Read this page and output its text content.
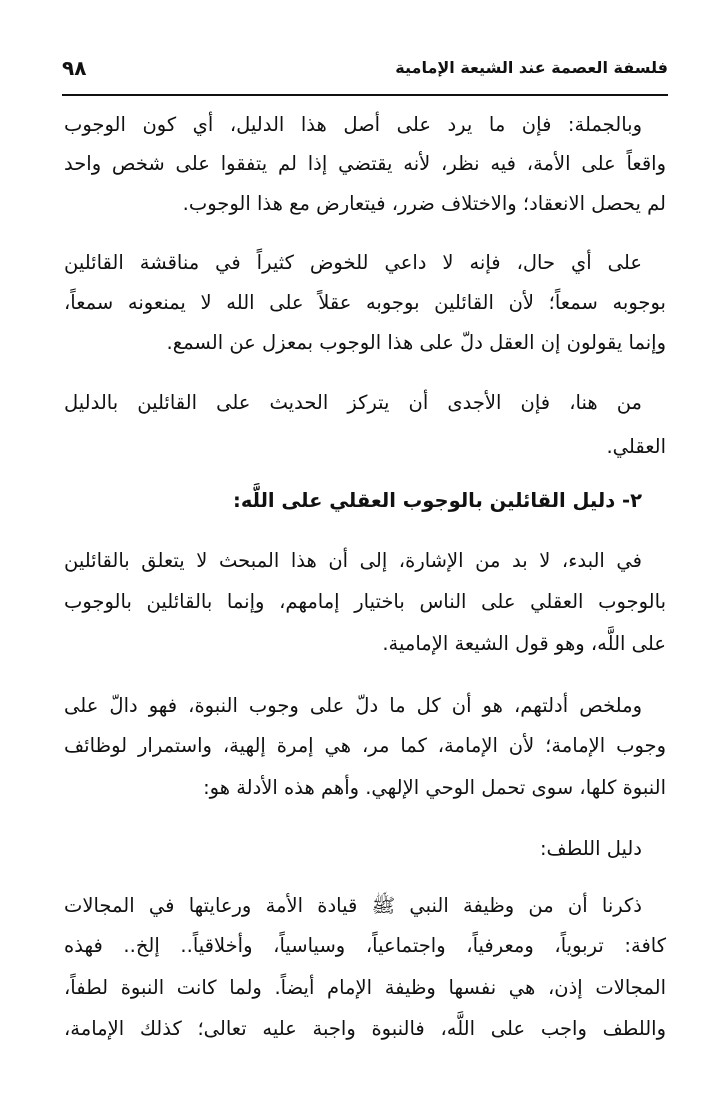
فلسفة العصمة عند الشيعة الإمامية
٩٨
وبالجملة: فإن ما يرد على أصل هذا الدليل، أي كون الوجوب
واقعاً على الأمة، فيه نظر، لأنه يقتضي إذا لم يتفقوا على شخص واحد
لم يحصل الانعقاد؛ والاختلاف ضرر، فيتعارض مع هذا الوجوب.
على أي حال، فإنه لا داعي للخوض كثيراً في مناقشة القائلين
بوجوبه سمعاً؛ لأن القائلين بوجوبه عقلاً على الله لا يمنعونه سمعاً،
وإنما يقولون إن العقل دلّ على هذا الوجوب بمعزل عن السمع.
من هنا، فإن الأجدى أن يتركز الحديث على القائلين بالدليل
العقلي.
٢- دليل القائلين بالوجوب العقلي على اللَّه:
في البدء، لا بد من الإشارة، إلى أن هذا المبحث لا يتعلق بالقائلين
بالوجوب العقلي على الناس باختيار إمامهم، وإنما بالقائلين بالوجوب
على اللَّه، وهو قول الشيعة الإمامية.
وملخص أدلتهم، هو أن كل ما دلّ على وجوب النبوة، فهو دالّ على
وجوب الإمامة؛ لأن الإمامة، كما مر، هي إمرة إلهية، واستمرار لوظائف
النبوة كلها، سوى تحمل الوحي الإلهي. وأهم هذه الأدلة هو:
دليل اللطف:
ذكرنا أن من وظيفة النبي ﷺ قيادة الأمة ورعايتها في المجالات
كافة: تربوياً، ومعرفياً، واجتماعياً، وسياسياً، وأخلاقياً.. إلخ.. فهذه
المجالات إذن، هي نفسها وظيفة الإمام أيضاً. ولما كانت النبوة لطفاً،
واللطف واجب على اللَّه، فالنبوة واجبة عليه تعالى؛ كذلك الإمامة،
